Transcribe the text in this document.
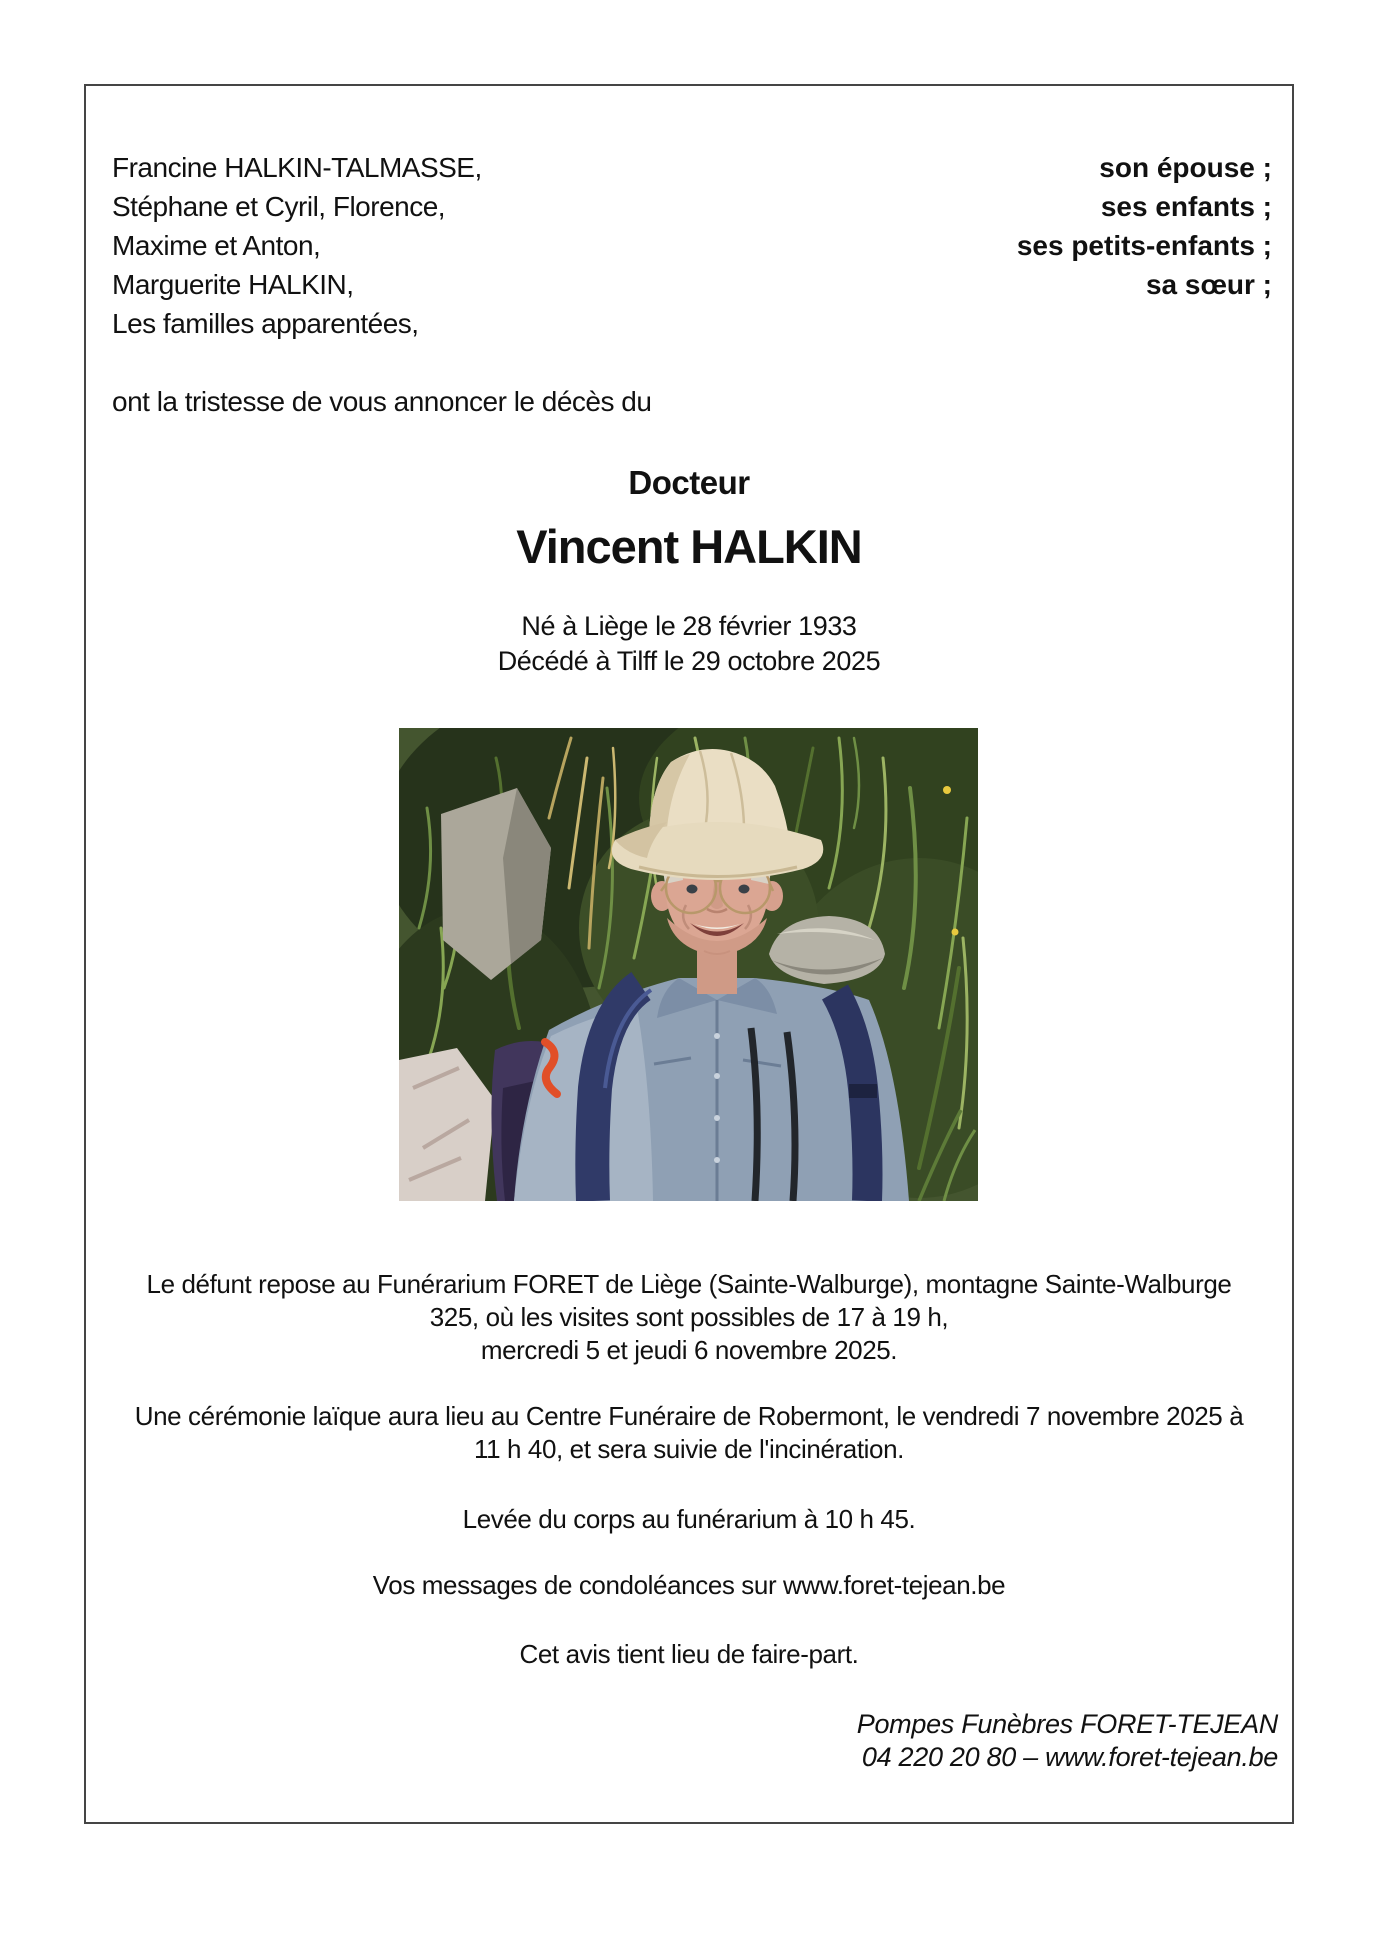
Francine HALKIN-TALMASSE,	son épouse ;
Stéphane et Cyril, Florence,	ses enfants ;
Maxime et Anton,	ses petits-enfants ;
Marguerite HALKIN,	sa sœur ;
Les familles apparentées,
ont la tristesse de vous annoncer le décès du
Docteur
Vincent HALKIN
Né à Liège le 28 février 1933
Décédé à Tilff le 29 octobre 2025
Le défunt repose au Funérarium FORET de Liège (Sainte-Walburge), montagne Sainte-Walburge
325, où les visites sont possibles de 17 à 19 h,
mercredi 5 et jeudi 6 novembre 2025.
Une cérémonie laïque aura lieu au Centre Funéraire de Robermont, le vendredi 7 novembre 2025 à
11 h 40, et sera suivie de l'incinération.
Levée du corps au funérarium à 10 h 45.
Vos messages de condoléances sur www.foret-tejean.be
Cet avis tient lieu de faire-part.
Pompes Funèbres FORET-TEJEAN
04 220 20 80 – www.foret-tejean.be
